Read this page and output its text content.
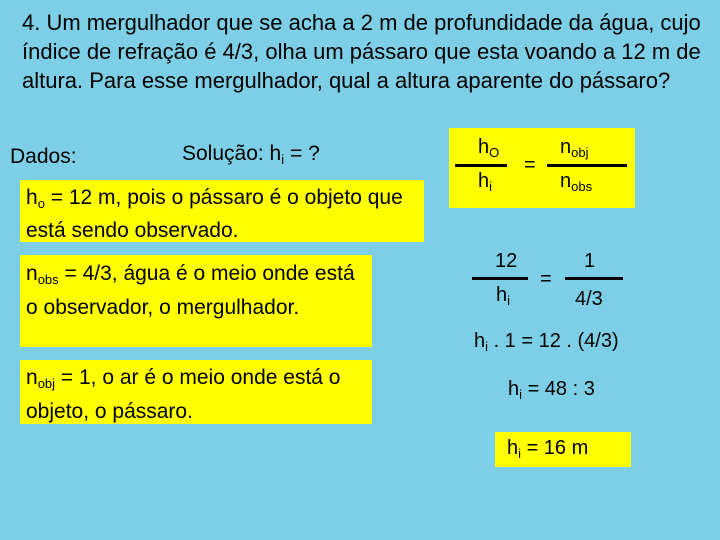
4. Um mergulhador que se acha a 2 m de profundidade da água, cujo índice de refração é 4/3, olha um pássaro que esta voando a 12 m de altura. Para esse mergulhador, qual a altura aparente do pássaro?
Dados:	Solução: $h_i$ = ?
$h_o = 12$ m, pois o pássaro é o objeto que está sendo observado.
$n_{obs} = 4/3$, água é o meio onde está o observador, o mergulhador.
$n_{obj} = 1$, o ar é o meio onde está o objeto, o pássaro.
$h_O$
$h_i$
=
$n_{obj}$
$n_{obs}$
12
$h_i$
=
1
4/3
$h_i$ . 1 = 12 . (4/3)
$h_i = 48$ : 3
$h_i = 16$ m
